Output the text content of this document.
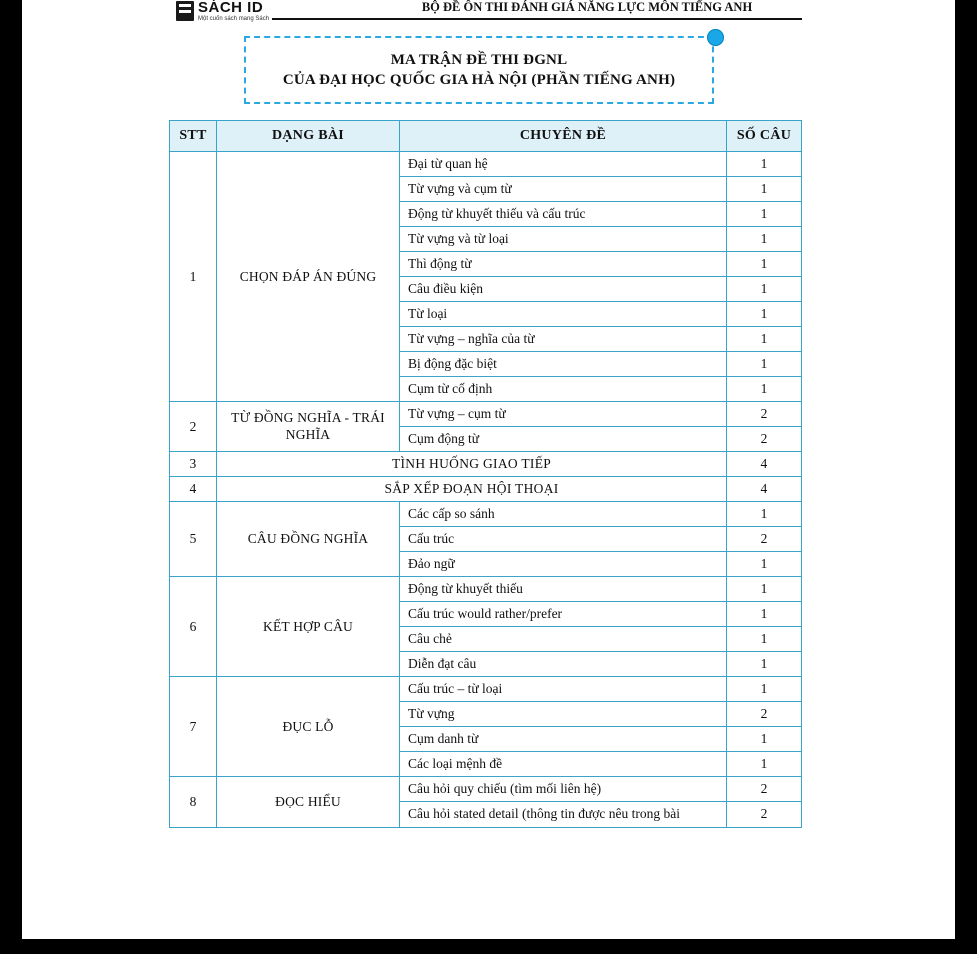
SÁCH ID
Một cuốn sách mang Sách
BỘ ĐỀ ÔN THI ĐÁNH GIÁ NĂNG LỰC MÔN TIẾNG ANH
MA TRẬN ĐỀ THI ĐGNL
CỦA ĐẠI HỌC QUỐC GIA HÀ NỘI (PHẦN TIẾNG ANH)
STT	DẠNG BÀI	CHUYÊN ĐỀ	SỐ CÂU
1	CHỌN ĐÁP ÁN ĐÚNG	Đại từ quan hệ	1
		Từ vựng và cụm từ	1
		Động từ khuyết thiếu và cấu trúc	1
		Từ vựng và từ loại	1
		Thì động từ	1
		Câu điều kiện	1
		Từ loại	1
		Từ vựng – nghĩa của từ	1
		Bị động đặc biệt	1
		Cụm từ cố định	1
2	TỪ ĐỒNG NGHĨA - TRÁI NGHĨA	Từ vựng – cụm từ	2
		Cụm động từ	2
3	TÌNH HUỐNG GIAO TIẾP		4
4	SẮP XẾP ĐOẠN HỘI THOẠI		4
5	CÂU ĐỒNG NGHĨA	Các cấp so sánh	1
		Cấu trúc	2
		Đảo ngữ	1
6	KẾT HỢP CÂU	Động từ khuyết thiếu	1
		Cấu trúc would rather/prefer	1
		Câu chẻ	1
		Diễn đạt câu	1
7	ĐỤC LỖ	Cấu trúc – từ loại	1
		Từ vựng	2
		Cụm danh từ	1
		Các loại mệnh đề	1
8	ĐỌC HIỂU	Câu hỏi quy chiếu (tìm mối liên hệ)	2
		Câu hỏi stated detail (thông tin được nêu trong bài	2
